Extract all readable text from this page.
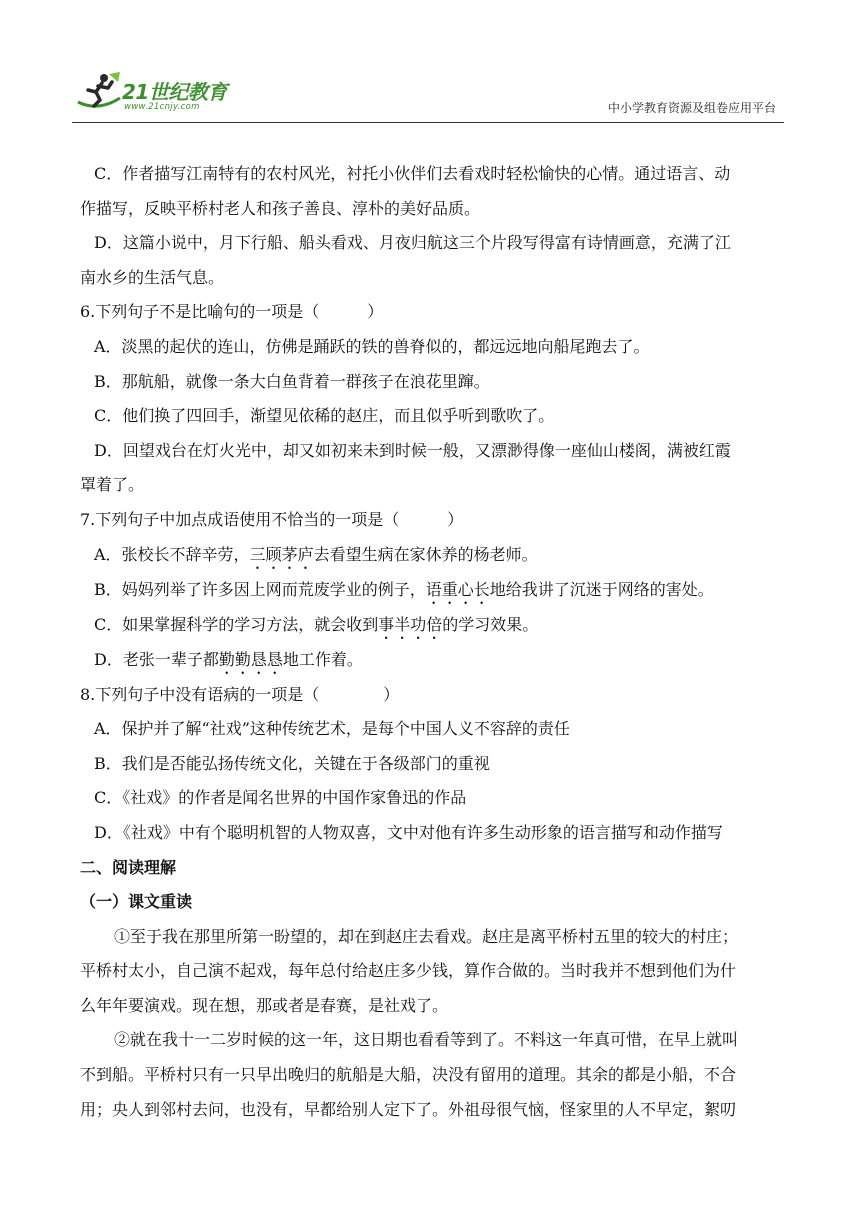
21世纪教育
www.21cnjy.com	中小学教育资源及组卷应用平台

C．作者描写江南特有的农村风光，衬托小伙伴们去看戏时轻松愉快的心情。通过语言、动

作描写，反映平桥村老人和孩子善良、淳朴的美好品质。

D．这篇小说中，月下行船、船头看戏、月夜归航这三个片段写得富有诗情画意，充满了江

南水乡的生活气息。

6.下列句子不是比喻句的一项是（　　　）

A．淡黑的起伏的连山，仿佛是踊跃的铁的兽脊似的，都远远地向船尾跑去了。

B．那航船，就像一条大白鱼背着一群孩子在浪花里蹿。

C．他们换了四回手，渐望见依稀的赵庄，而且似乎听到歌吹了。

D．回望戏台在灯火光中，却又如初来未到时候一般，又漂渺得像一座仙山楼阁，满被红霞

罩着了。

7.下列句子中加点成语使用不恰当的一项是（　　　）

A．张校长不辞辛劳，三顾茅庐去看望生病在家休养的杨老师。

B．妈妈列举了许多因上网而荒废学业的例子，语重心长地给我讲了沉迷于网络的害处。

C．如果掌握科学的学习方法，就会收到事半功倍的学习效果。

D．老张一辈子都勤勤恳恳地工作着。

8.下列句子中没有语病的一项是（　　　　）

A．保护并了解“社戏”这种传统艺术，是每个中国人义不容辞的责任

B．我们是否能弘扬传统文化，关键在于各级部门的重视

C．《社戏》的作者是闻名世界的中国作家鲁迅的作品

D．《社戏》中有个聪明机智的人物双喜，文中对他有许多生动形象的语言描写和动作描写

二、阅读理解

（一）课文重读

①至于我在那里所第一盼望的，却在到赵庄去看戏。赵庄是离平桥村五里的较大的村庄；

平桥村太小，自己演不起戏，每年总付给赵庄多少钱，算作合做的。当时我并不想到他们为什

么年年要演戏。现在想，那或者是春赛，是社戏了。

②就在我十一二岁时候的这一年，这日期也看看等到了。不料这一年真可惜，在早上就叫

不到船。平桥村只有一只早出晚归的航船是大船，决没有留用的道理。其余的都是小船，不合

用；央人到邻村去问，也没有，早都给别人定下了。外祖母很气恼，怪家里的人不早定，絮叨
